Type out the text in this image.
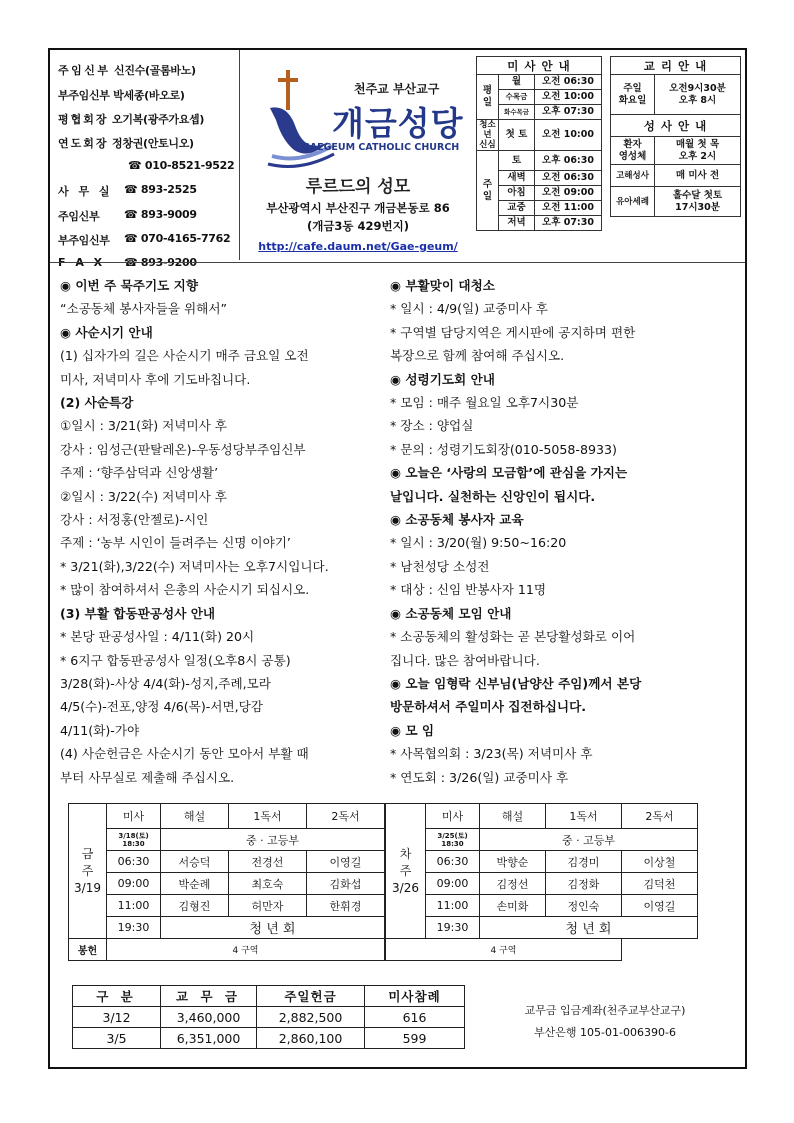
주임신부 신진수(골롬바노)
부주임신부 박세종(바오로)
평협회장 오기복(광주가요셉)
연도회장 정창권(안토니오)
☎ 010-8521-9522
사 무 실 ☎ 893-2525
주임신부 ☎ 893-9009
부주임신부 ☎ 070-4165-7762
F A X ☎ 893-9200
천주교 부산교구
개금성당
GAEGEUM CATHOLIC CHURCH
루르드의 성모
부산광역시 부산진구 개금본동로 86
(개금3동 429번지)
http://cafe.daum.net/Gae-geum/
미 사 안 내		
평일	월	오전 06:30
	수목금	오전 10:00
	화수목금	오후 07:30
청소년
신심	첫 토	오전 10:00
주일	토	오후 06:30
	새벽	오전 06:30
	아침	오전 09:00
	교중	오전 11:00
	저녁	오후 07:30
교 리 안 내	
주일
화요일	오전9시30분
오후 8시
성 사 안 내	
환자
영성체	매월 첫 목
오후 2시
고해성사	매 미사 전
유아세례	홀수달 첫토
17시30분

◉ 이번 주 묵주기도 지향

“소공동체 봉사자들을 위해서”

◉ 사순시기 안내

(1) 십자가의 길은 사순시기 매주 금요일 오전

미사, 저녁미사 후에 기도바칩니다.

(2) 사순특강

①일시 : 3/21(화) 저녁미사 후

강사 : 임성근(판탈레온)-우동성당부주임신부

주제 : ‘향주삼덕과 신앙생활’

②일시 : 3/22(수) 저녁미사 후

강사 : 서정홍(안젤로)-시인

주제 : ‘농부 시인이 들려주는 신명 이야기’

* 3/21(화),3/22(수) 저녁미사는 오후7시입니다.

* 많이 참여하셔서 은총의 사순시기 되십시오.

(3) 부활 합동판공성사 안내

* 본당 판공성사일 : 4/11(화) 20시

* 6지구 합동판공성사 일정(오후8시 공통)

3/28(화)-사상 4/4(화)-성지,주례,모라

4/5(수)-전포,양정 4/6(목)-서면,당감

4/11(화)-가야

(4) 사순헌금은 사순시기 동안 모아서 부활 때

부터 사무실로 제출해 주십시오.

◉ 부활맞이 대청소

* 일시 : 4/9(일) 교중미사 후

* 구역별 담당지역은 게시판에 공지하며 편한

복장으로 함께 참여해 주십시오.

◉ 성령기도회 안내

* 모임 : 매주 월요일 오후7시30분

* 장소 : 양업실

* 문의 : 성령기도회장(010-5058-8933)

◉ 오늘은 ‘사랑의 모금함’에 관심을 가지는

날입니다. 실천하는 신앙인이 됩시다.

◉ 소공동체 봉사자 교육

* 일시 : 3/20(월) 9:50~16:20

* 남천성당 소성전

* 대상 : 신임 반봉사자 11명

◉ 소공동체 모임 안내

* 소공동체의 활성화는 곧 본당활성화로 이어

집니다. 많은 참여바랍니다.

◉ 오늘 임형락 신부님(남양산 주임)께서 본당

방문하셔서 주일미사 집전하십니다.

◉ 모 임

* 사목협의회 : 3/23(목) 저녁미사 후

* 연도회 : 3/26(일) 교중미사 후

금
주
3/19	미사	해설	1독서	2독서
	3/18(토)
18:30	중 · 고등부		
	06:30	서승덕	전경선	이영길
	09:00	박순례	최호숙	김화섭
	11:00	김형진	허만자	한휘경
	19:30	청 년 회		
봉헌	4 구역			
차
주
3/26	미사	해설	1독서	2독서
	3/25(토)
18:30	중 · 고등부		
	06:30	박향순	김경미	이상철
	09:00	김정선	김정화	김덕천
	11:00	손미화	정인숙	이영길
	19:30	청 년 회		
4 구역				
구 분	교 무 금	주일헌금	미사참례
3/12	3,460,000	2,882,500	616
3/5	6,351,000	2,860,100	599
교무금 입금계좌(천주교부산교구)
부산은행 105-01-006390-6
